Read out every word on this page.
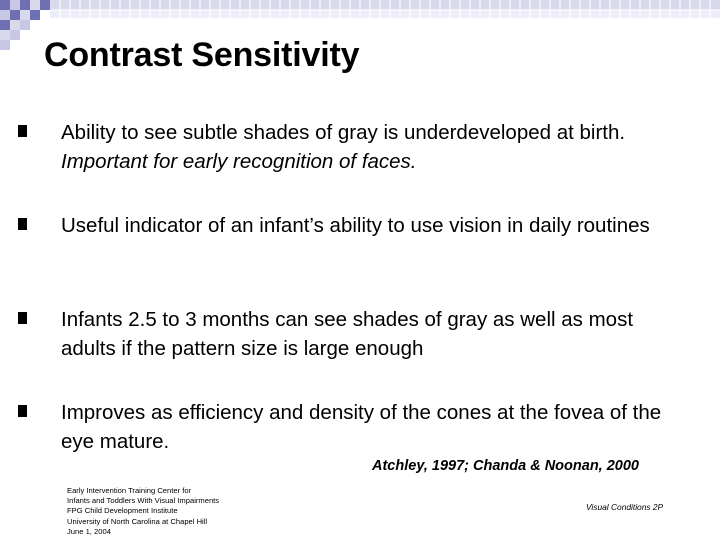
Contrast Sensitivity
Ability to see subtle shades of gray is underdeveloped at birth. Important for early recognition of faces.
Useful indicator of an infant’s ability to use vision in daily routines
Infants 2.5 to 3 months can see shades of gray as well as most adults if the pattern size is large enough
Improves as efficiency and density of the cones at the fovea of the eye mature.
Atchley, 1997; Chanda & Noonan, 2000
Early Intervention Training Center for
Infants and Toddlers With Visual Impairments
FPG Child Development Institute
University of North Carolina at Chapel Hill
June 1, 2004
Visual Conditions 2P
